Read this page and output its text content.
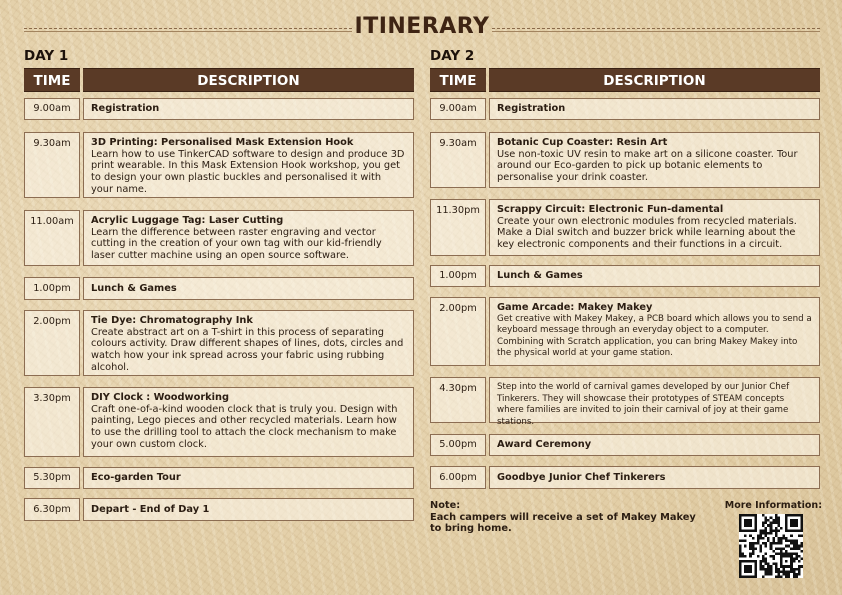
ITINERARY
DAY 1
TIME	DESCRIPTION
9.00am	Registration
9.30am	3D Printing: Personalised Mask Extension Hook
Learn how to use TinkerCAD software to design and produce 3D print wearable. In this Mask Extension Hook workshop, you get to design your own plastic buckles and personalised it with your name.
11.00am	Acrylic Luggage Tag: Laser Cutting
Learn the difference between raster engraving and vector cutting in the creation of your own tag with our kid-friendly laser cutter machine using an open source software.
1.00pm	Lunch & Games
2.00pm	Tie Dye: Chromatography Ink
Create abstract art on a T-shirt in this process of separating colours activity. Draw different shapes of lines, dots, circles and watch how your ink spread across your fabric using rubbing alcohol.
3.30pm	DIY Clock : Woodworking
Craft one-of-a-kind wooden clock that is truly you. Design with painting, Lego pieces and other recycled materials. Learn how to use the drilling tool to attach the clock mechanism to make your own custom clock.
5.30pm	Eco-garden Tour
6.30pm	Depart - End of Day 1
DAY 2
TIME	DESCRIPTION
9.00am	Registration
9.30am	Botanic Cup Coaster: Resin Art
Use non-toxic UV resin to make art on a silicone coaster. Tour around our Eco-garden to pick up botanic elements to personalise your drink coaster.
11.30pm	Scrappy Circuit: Electronic Fun-damental
Create your own electronic modules from recycled materials. Make a Dial switch and buzzer brick while learning about the key electronic components and their functions in a circuit.
1.00pm	Lunch & Games
2.00pm	Game Arcade: Makey Makey
Get creative with Makey Makey, a PCB board which allows you to send a keyboard message through an everyday object to a computer. Combining with Scratch application, you can bring Makey Makey into the physical world at your game station.
4.30pm	Step into the world of carnival games developed by our Junior Chef Tinkerers. They will showcase their prototypes of STEAM concepts where families are invited to join their carnival of joy at their game stations.
5.00pm	Award Ceremony
6.00pm	Goodbye Junior Chef Tinkerers
Note:
Each campers will receive a set of Makey Makey to bring home.
More Information:
